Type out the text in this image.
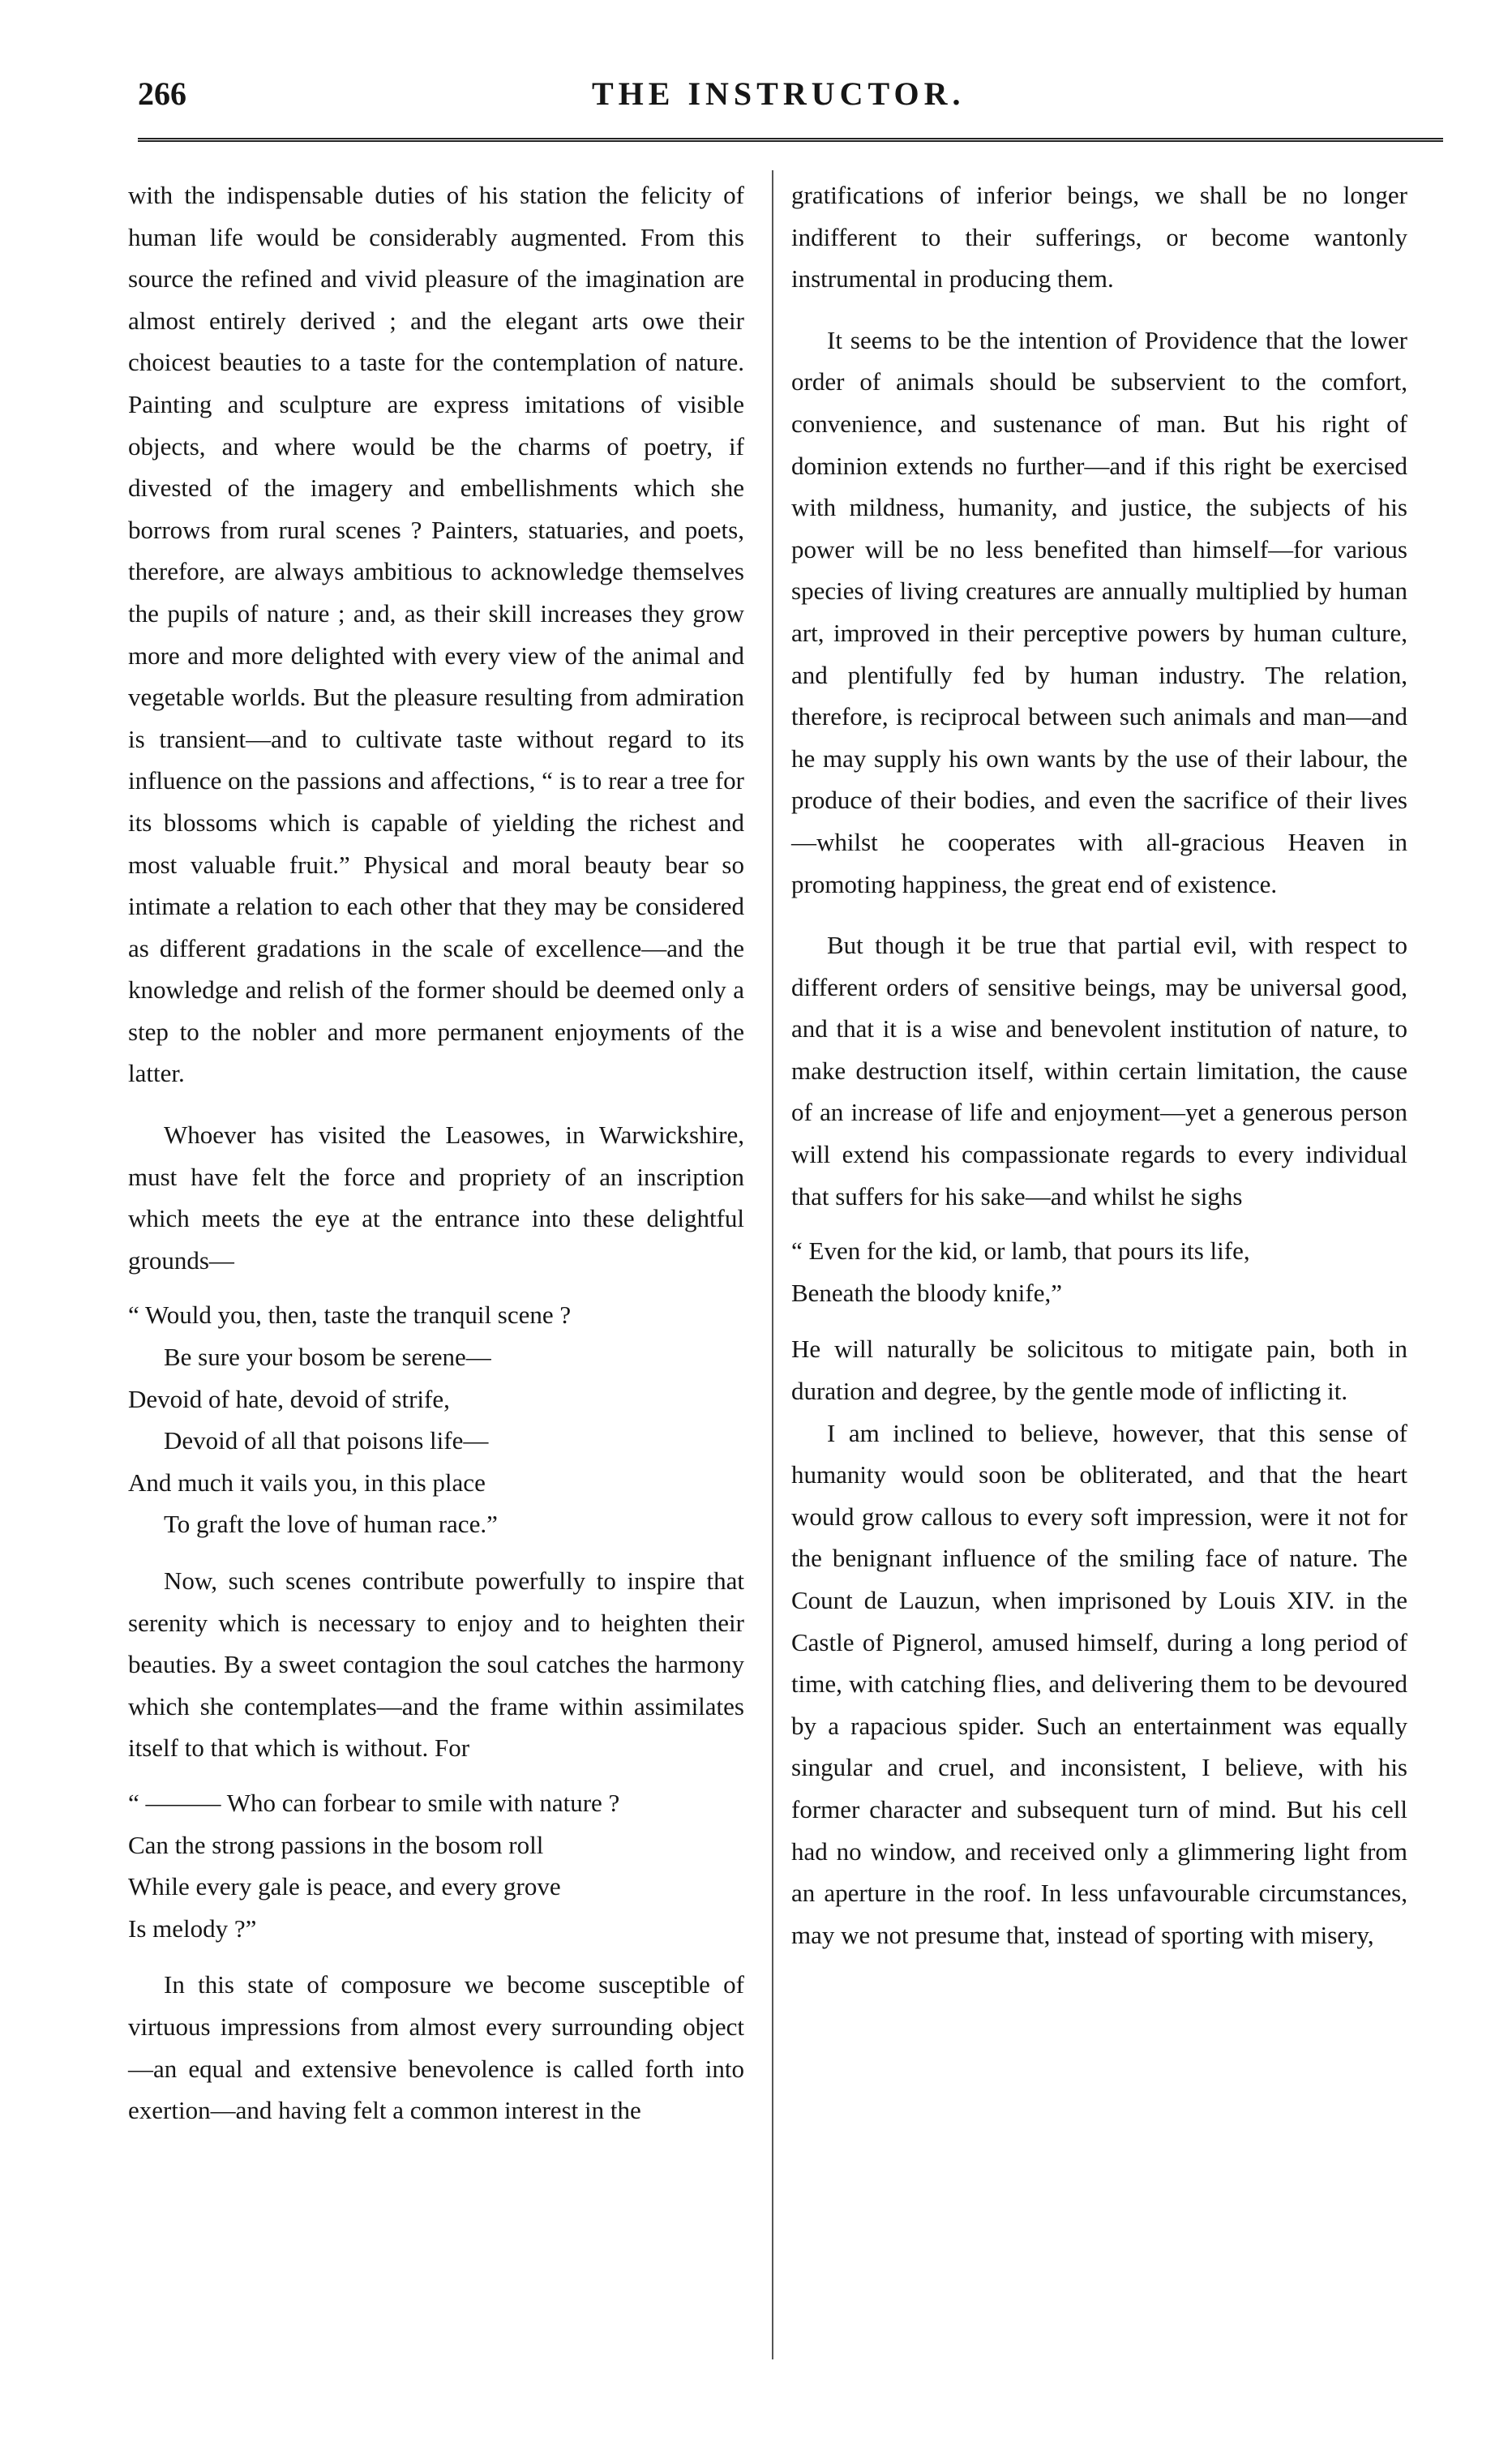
266	THE INSTRUCTOR.

with the indispensable duties of his station the felicity of human life would be considerably augmented. From this source the refined and vivid pleasure of the imagination are almost entirely derived ; and the elegant arts owe their choicest beauties to a taste for the contemplation of nature. Painting and sculpture are express imitations of visible objects, and where would be the charms of poetry, if divested of the imagery and embellishments which she borrows from rural scenes ? Painters, statuaries, and poets, therefore, are always ambitious to acknowledge themselves the pupils of nature ; and, as their skill increases they grow more and more delighted with every view of the animal and vegetable worlds. But the pleasure resulting from admiration is transient—and to cultivate taste without regard to its influence on the passions and affections, “ is to rear a tree for its blossoms which is capable of yielding the richest and most valuable fruit.” Physical and moral beauty bear so intimate a relation to each other that they may be considered as different gradations in the scale of excellence—and the knowledge and relish of the former should be deemed only a step to the nobler and more permanent enjoyments of the latter.

Whoever has visited the Leasowes, in Warwickshire, must have felt the force and propriety of an inscription which meets the eye at the entrance into these delightful grounds—

“ Would you, then, taste the tranquil scene ?
Be sure your bosom be serene—
Devoid of hate, devoid of strife,
Devoid of all that poisons life—
And much it vails you, in this place
To graft the love of human race.”

Now, such scenes contribute powerfully to inspire that serenity which is necessary to enjoy and to heighten their beauties. By a sweet contagion the soul catches the harmony which she contemplates—and the frame within assimilates itself to that which is without. For

“ ——— Who can forbear to smile with nature ?
Can the strong passions in the bosom roll
While every gale is peace, and every grove
Is melody ?”

In this state of composure we become susceptible of virtuous impressions from almost every surrounding object—an equal and extensive benevolence is called forth into exertion—and having felt a common interest in the

gratifications of inferior beings, we shall be no longer indifferent to their sufferings, or become wantonly instrumental in producing them.

It seems to be the intention of Providence that the lower order of animals should be subservient to the comfort, convenience, and sustenance of man. But his right of dominion extends no further—and if this right be exercised with mildness, humanity, and justice, the subjects of his power will be no less benefited than himself—for various species of living creatures are annually multiplied by human art, improved in their perceptive powers by human culture, and plentifully fed by human industry. The relation, therefore, is reciprocal between such animals and man—and he may supply his own wants by the use of their labour, the produce of their bodies, and even the sacrifice of their lives—whilst he cooperates with all-gracious Heaven in promoting happiness, the great end of existence.

But though it be true that partial evil, with respect to different orders of sensitive beings, may be universal good, and that it is a wise and benevolent institution of nature, to make destruction itself, within certain limitation, the cause of an increase of life and enjoyment—yet a generous person will extend his compassionate regards to every individual that suffers for his sake—and whilst he sighs

“ Even for the kid, or lamb, that pours its life,
Beneath the bloody knife,”

He will naturally be solicitous to mitigate pain, both in duration and degree, by the gentle mode of inflicting it.

I am inclined to believe, however, that this sense of humanity would soon be obliterated, and that the heart would grow callous to every soft impression, were it not for the benignant influence of the smiling face of nature. The Count de Lauzun, when imprisoned by Louis XIV. in the Castle of Pignerol, amused himself, during a long period of time, with catching flies, and delivering them to be devoured by a rapacious spider. Such an entertainment was equally singular and cruel, and inconsistent, I believe, with his former character and subsequent turn of mind. But his cell had no window, and received only a glimmering light from an aperture in the roof. In less unfavourable circumstances, may we not presume that, instead of sporting with misery,
